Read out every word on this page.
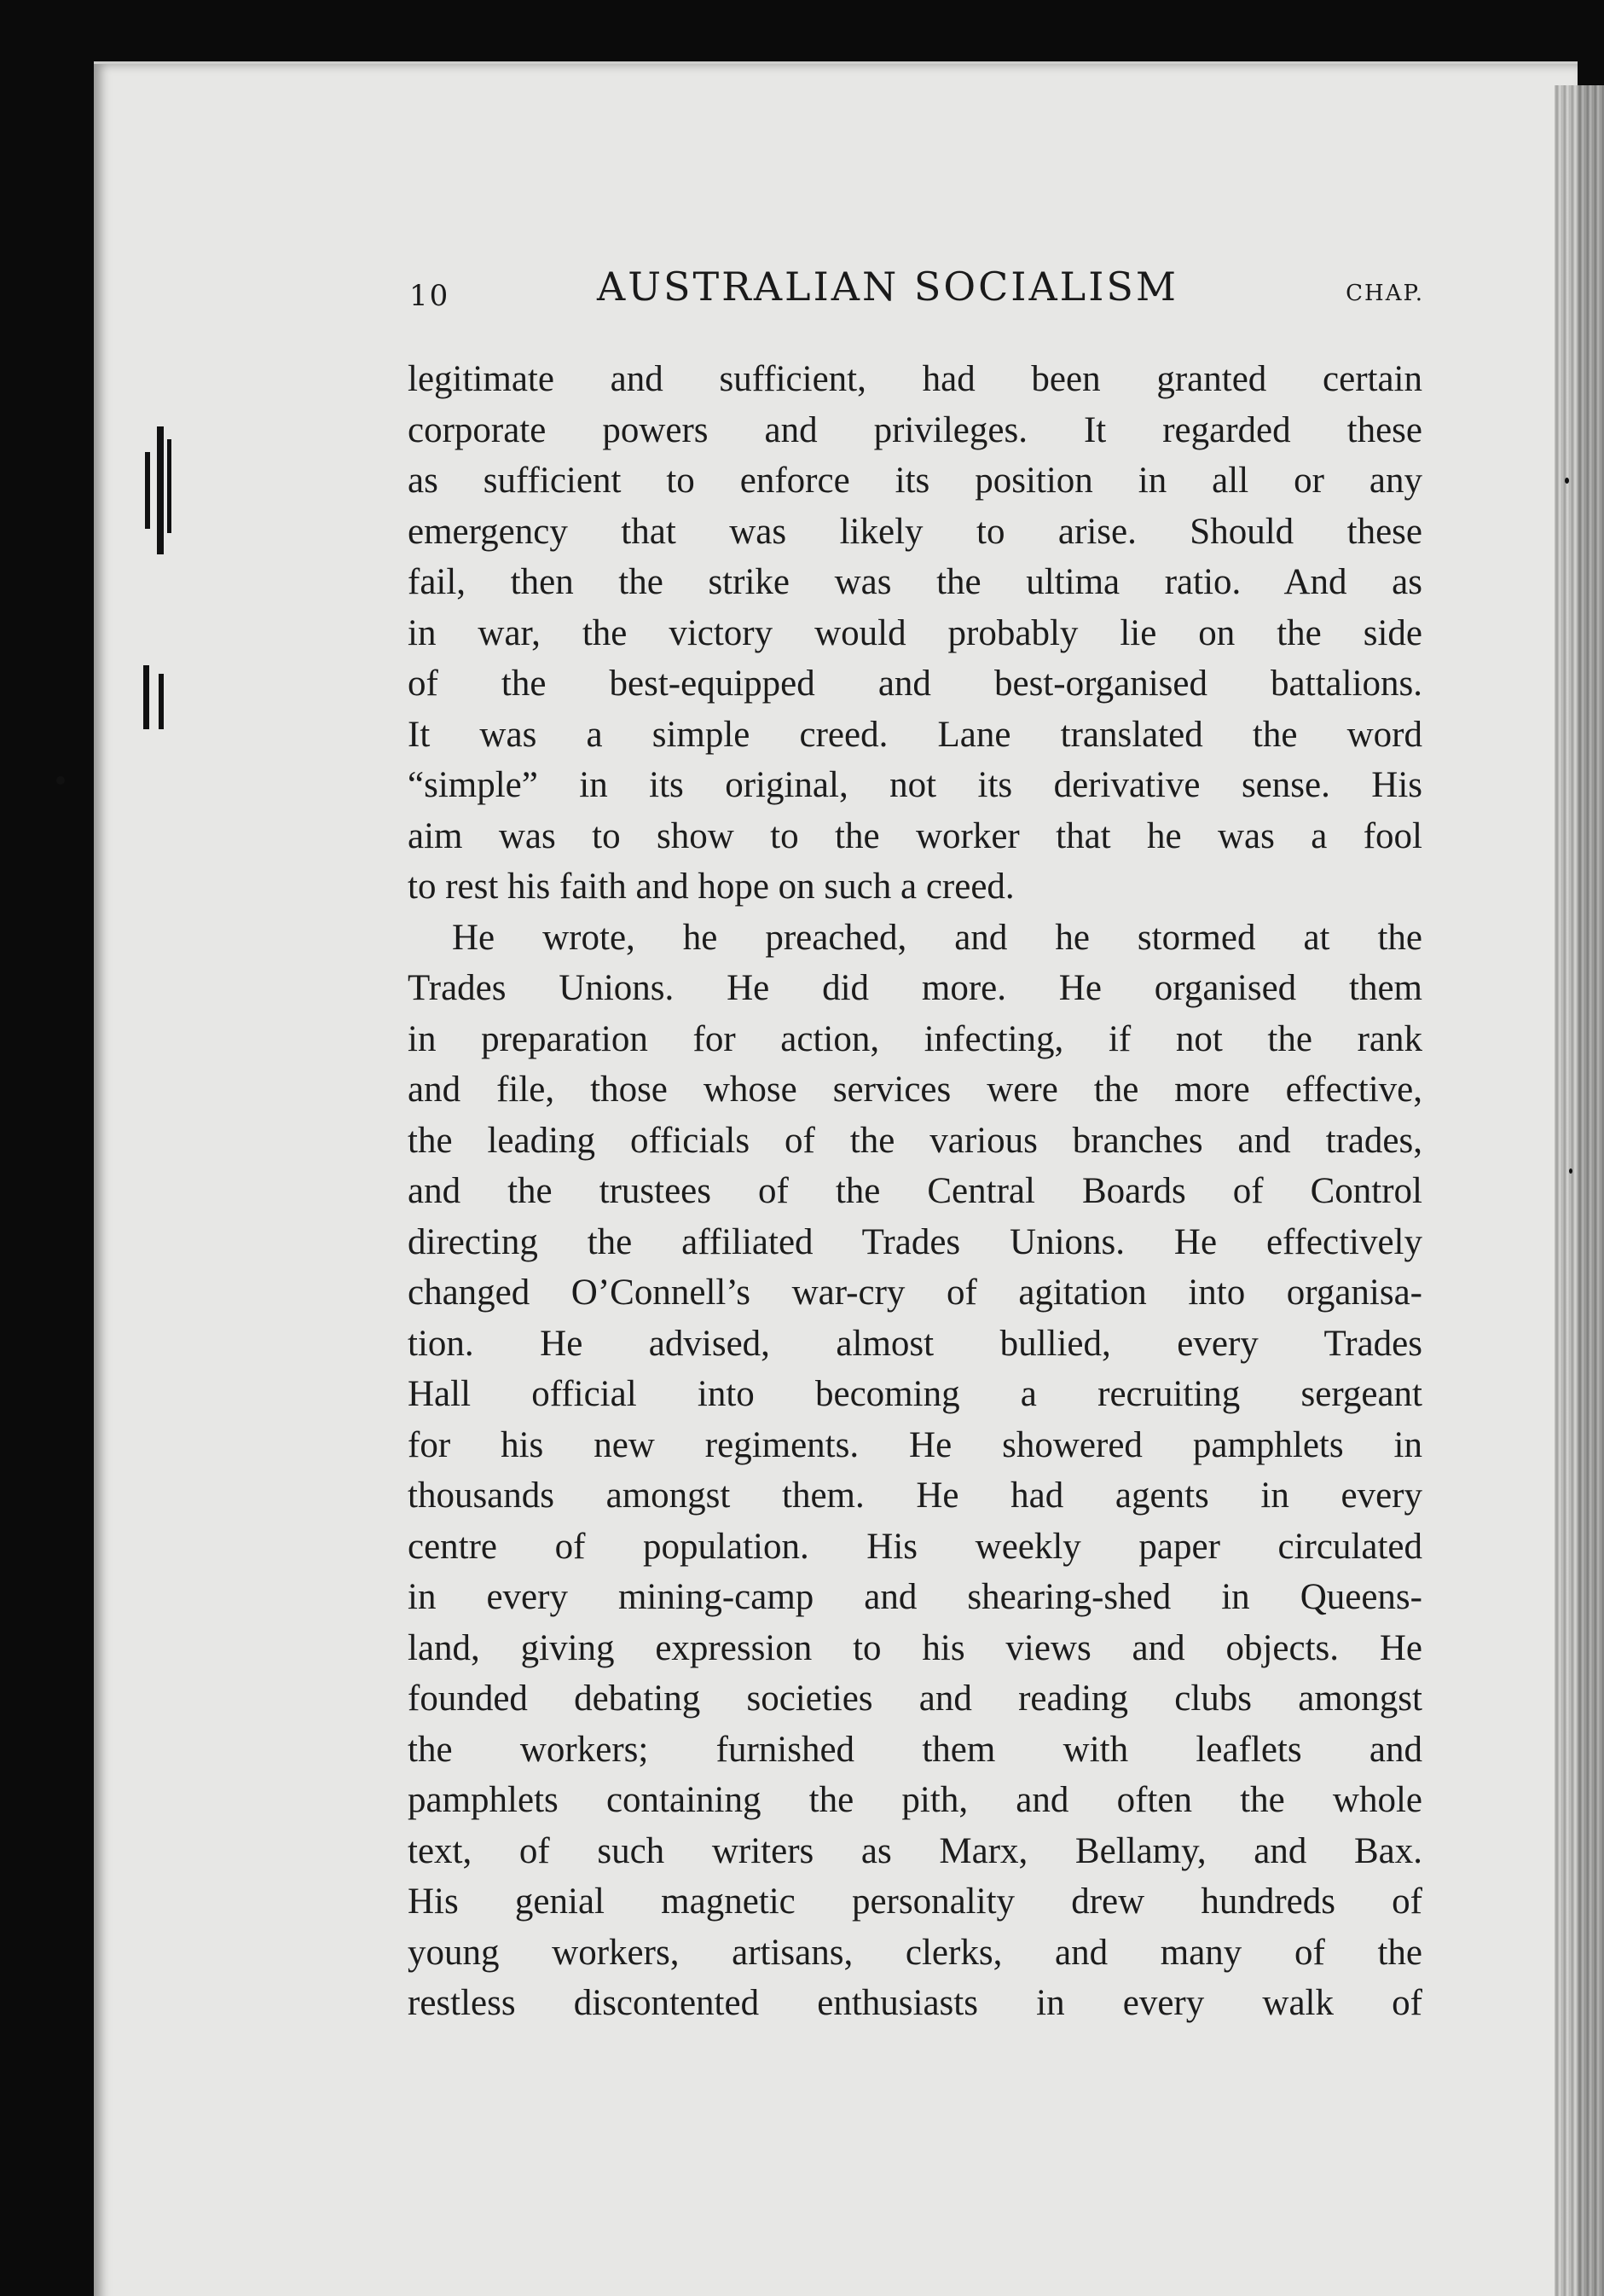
10	AUSTRALIAN SOCIALISM	CHAP.
legitimate and sufficient, had been granted certain
corporate powers and privileges. It regarded these
as sufficient to enforce its position in all or any
emergency that was likely to arise. Should these
fail, then the strike was the ultima ratio. And as
in war, the victory would probably lie on the side
of the best-equipped and best-organised battalions.
It was a simple creed. Lane translated the word
“simple” in its original, not its derivative sense. His
aim was to show to the worker that he was a fool
to rest his faith and hope on such a creed.
He wrote, he preached, and he stormed at the
Trades Unions. He did more. He organised them
in preparation for action, infecting, if not the rank
and file, those whose services were the more effective,
the leading officials of the various branches and trades,
and the trustees of the Central Boards of Control
directing the affiliated Trades Unions. He effectively
changed O’Connell’s war-cry of agitation into organisa-
tion. He advised, almost bullied, every Trades
Hall official into becoming a recruiting sergeant
for his new regiments. He showered pamphlets in
thousands amongst them. He had agents in every
centre of population. His weekly paper circulated
in every mining-camp and shearing-shed in Queens-
land, giving expression to his views and objects. He
founded debating societies and reading clubs amongst
the workers; furnished them with leaflets and
pamphlets containing the pith, and often the whole
text, of such writers as Marx, Bellamy, and Bax.
His genial magnetic personality drew hundreds of
young workers, artisans, clerks, and many of the
restless discontented enthusiasts in every walk of
